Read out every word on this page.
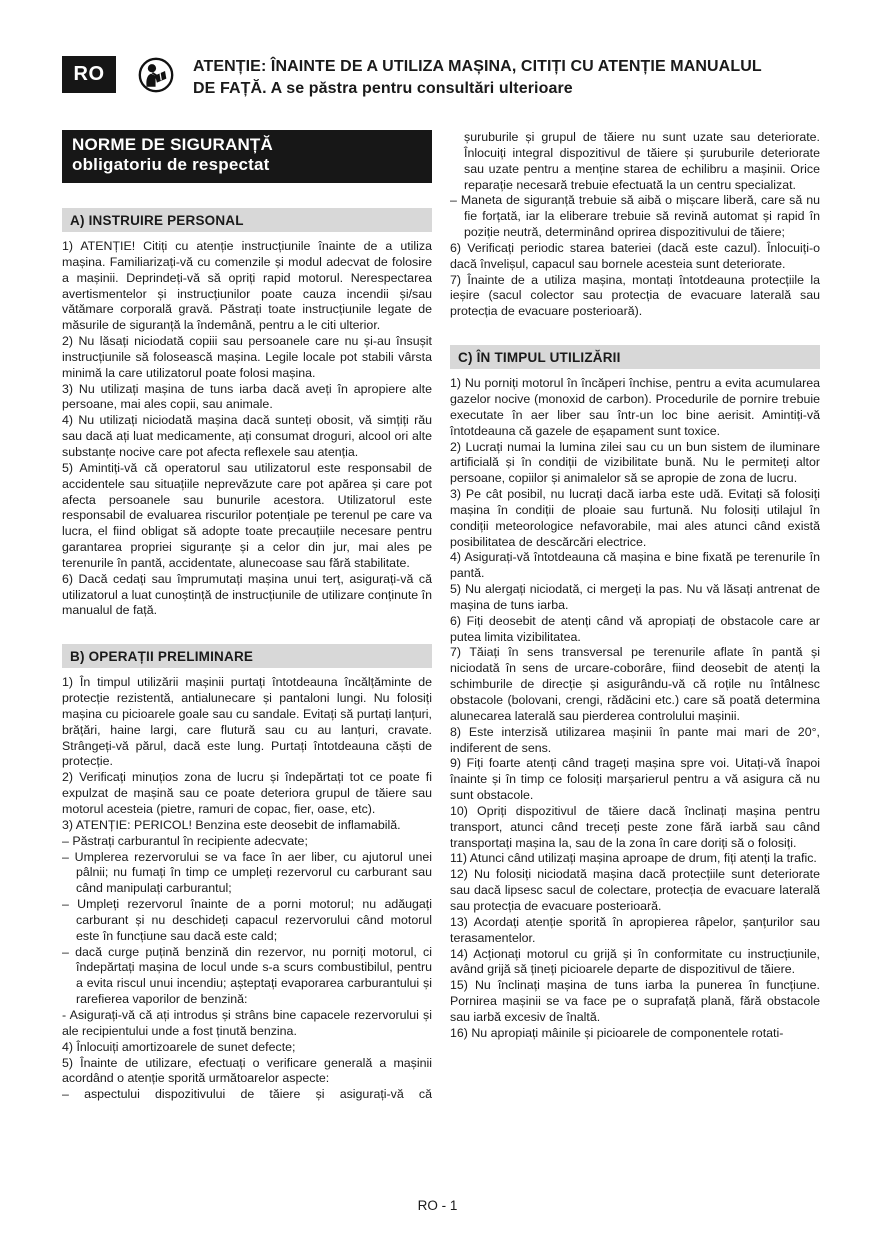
RO	ATENȚIE: ÎNAINTE DE A UTILIZA MAȘINA, CITIȚI CU ATENȚIE MANUALUL
DE FAȚĂ. A se păstra pentru consultări ulterioare
NORME DE SIGURANȚĂ
obligatoriu de respectat
A) INSTRUIRE PERSONAL

1) ATENȚIE! Citiți cu atenție instrucțiunile înainte de a utiliza mașina. Familiarizați-vă cu comenzile și modul adecvat de folosire a mașinii. Deprindeți-vă să opriți rapid motorul. Nerespectarea avertismentelor și instrucțiunilor poate cauza incendii și/sau vătămare corporală gravă. Păstrați toate instrucțiunile legate de măsurile de siguranță la îndemână, pentru a le citi ulterior.

2) Nu lăsați niciodată copiii sau persoanele care nu și-au însușit instrucțiunile să folosească mașina. Legile locale pot stabili vârsta minimă la care utilizatorul poate folosi mașina.

3) Nu utilizați mașina de tuns iarba dacă aveți în apropiere alte persoane, mai ales copii, sau animale.

4) Nu utilizați niciodată mașina dacă sunteți obosit, vă simțiți rău sau dacă ați luat medicamente, ați consumat droguri, alcool ori alte substanțe nocive care pot afecta reflexele sau atenția.

5) Amintiți-vă că operatorul sau utilizatorul este responsabil de accidentele sau situațiile neprevăzute care pot apărea și care pot afecta persoanele sau bunurile acestora. Utilizatorul este responsabil de evaluarea riscurilor potențiale pe terenul pe care va lucra, el fiind obligat să adopte toate precauțiile necesare pentru garantarea propriei siguranțe și a celor din jur, mai ales pe terenurile în pantă, accidentate, alunecoase sau fără stabilitate.

6) Dacă cedați sau împrumutați mașina unui terț, asigurați-vă că utilizatorul a luat cunoștință de instrucțiunile de utilizare conținute în manualul de față.

B) OPERAȚII PRELIMINARE

1) În timpul utilizării mașinii purtați întotdeauna încălțăminte de protecție rezistentă, antialunecare și pantaloni lungi. Nu folosiți mașina cu picioarele goale sau cu sandale. Evitați să purtați lanțuri, brățări, haine largi, care flutură sau cu au lanțuri, cravate. Strângeți-vă părul, dacă este lung. Purtați întotdeauna căști de protecție.

2) Verificați minuțios zona de lucru și îndepărtați tot ce poate fi expulzat de mașină sau ce poate deteriora grupul de tăiere sau motorul acesteia (pietre, ramuri de copac, fier, oase, etc).

3) ATENȚIE: PERICOL! Benzina este deosebit de inflamabilă.

– Păstrați carburantul în recipiente adecvate;

– Umplerea rezervorului se va face în aer liber, cu ajutorul unei pâlnii; nu fumați în timp ce umpleți rezervorul cu carburant sau când manipulați carburantul;

– Umpleți rezervorul înainte de a porni motorul; nu adăugați carburant și nu deschideți capacul rezervorului când motorul este în funcțiune sau dacă este cald;

– dacă curge puțină benzină din rezervor, nu porniți motorul, ci îndepărtați mașina de locul unde s-a scurs combustibilul, pentru a evita riscul unui incendiu; așteptați evaporarea carburantului și rarefierea vaporilor de benzină:

- Asigurați-vă că ați introdus și strâns bine capacele rezervorului și ale recipientului unde a fost ținută benzina.

4) Înlocuiți amortizoarele de sunet defecte;

5) Înainte de utilizare, efectuați o verificare generală a mașinii acordând o atenție sporită următoarelor aspecte:

– aspectului dispozitivului de tăiere și asigurați-vă că

șuruburile și grupul de tăiere nu sunt uzate sau deteriorate. Înlocuiți integral dispozitivul de tăiere și șuruburile deteriorate sau uzate pentru a menține starea de echilibru a mașinii. Orice reparație necesară trebuie efectuată la un centru specializat.

– Maneta de siguranță trebuie să aibă o mișcare liberă, care să nu fie forțată, iar la eliberare trebuie să revină automat și rapid în poziție neutră, determinând oprirea dispozitivului de tăiere;

6) Verificați periodic starea bateriei (dacă este cazul). Înlocuiți-o dacă învelișul, capacul sau bornele acesteia sunt deteriorate.

7) Înainte de a utiliza mașina, montați întotdeauna protecțiile la ieșire (sacul colector sau protecția de evacuare laterală sau protecția de evacuare posterioară).

C) ÎN TIMPUL UTILIZĂRII

1) Nu porniți motorul în încăperi închise, pentru a evita acumularea gazelor nocive (monoxid de carbon). Procedurile de pornire trebuie executate în aer liber sau într-un loc bine aerisit. Amintiți-vă întotdeauna că gazele de eșapament sunt toxice.

2) Lucrați numai la lumina zilei sau cu un bun sistem de iluminare artificială și în condiții de vizibilitate bună. Nu le permiteți altor persoane, copiilor și animalelor să se apropie de zona de lucru.

3) Pe cât posibil, nu lucrați dacă iarba este udă. Evitați să folosiți mașina în condiții de ploaie sau furtună. Nu folosiți utilajul în condiții meteorologice nefavorabile, mai ales atunci când există posibilitatea de descărcări electrice.

4) Asigurați-vă întotdeauna că mașina e bine fixată pe terenurile în pantă.

5) Nu alergați niciodată, ci mergeți la pas. Nu vă lăsați antrenat de mașina de tuns iarba.

6) Fiți deosebit de atenți când vă apropiați de obstacole care ar putea limita vizibilitatea.

7) Tăiați în sens transversal pe terenurile aflate în pantă și niciodată în sens de urcare-coborâre, fiind deosebit de atenți la schimburile de direcție și asigurându-vă că roțile nu întâlnesc obstacole (bolovani, crengi, rădăcini etc.) care să poată determina alunecarea laterală sau pierderea controlului mașinii.

8) Este interzisă utilizarea mașinii în pante mai mari de 20°, indiferent de sens.

9) Fiți foarte atenți când trageți mașina spre voi. Uitați-vă înapoi înainte și în timp ce folosiți marșarierul pentru a vă asigura că nu sunt obstacole.

10) Opriți dispozitivul de tăiere dacă înclinați mașina pentru transport, atunci când treceți peste zone fără iarbă sau când transportați mașina la, sau de la zona în care doriți să o folosiți.

11) Atunci când utilizați mașina aproape de drum, fiți atenți la trafic.

12) Nu folosiți niciodată mașina dacă protecțiile sunt deteriorate sau dacă lipsesc sacul de colectare, protecția de evacuare laterală sau protecția de evacuare posterioară.

13) Acordați atenție sporită în apropierea râpelor, șanțurilor sau terasamentelor.

14) Acționați motorul cu grijă și în conformitate cu instrucțiunile, având grijă să țineți picioarele departe de dispozitivul de tăiere.

15) Nu înclinați mașina de tuns iarba la punerea în funcțiune. Pornirea mașinii se va face pe o suprafață plană, fără obstacole sau iarbă excesiv de înaltă.

16) Nu apropiați mâinile și picioarele de componentele rotati-

RO - 1
